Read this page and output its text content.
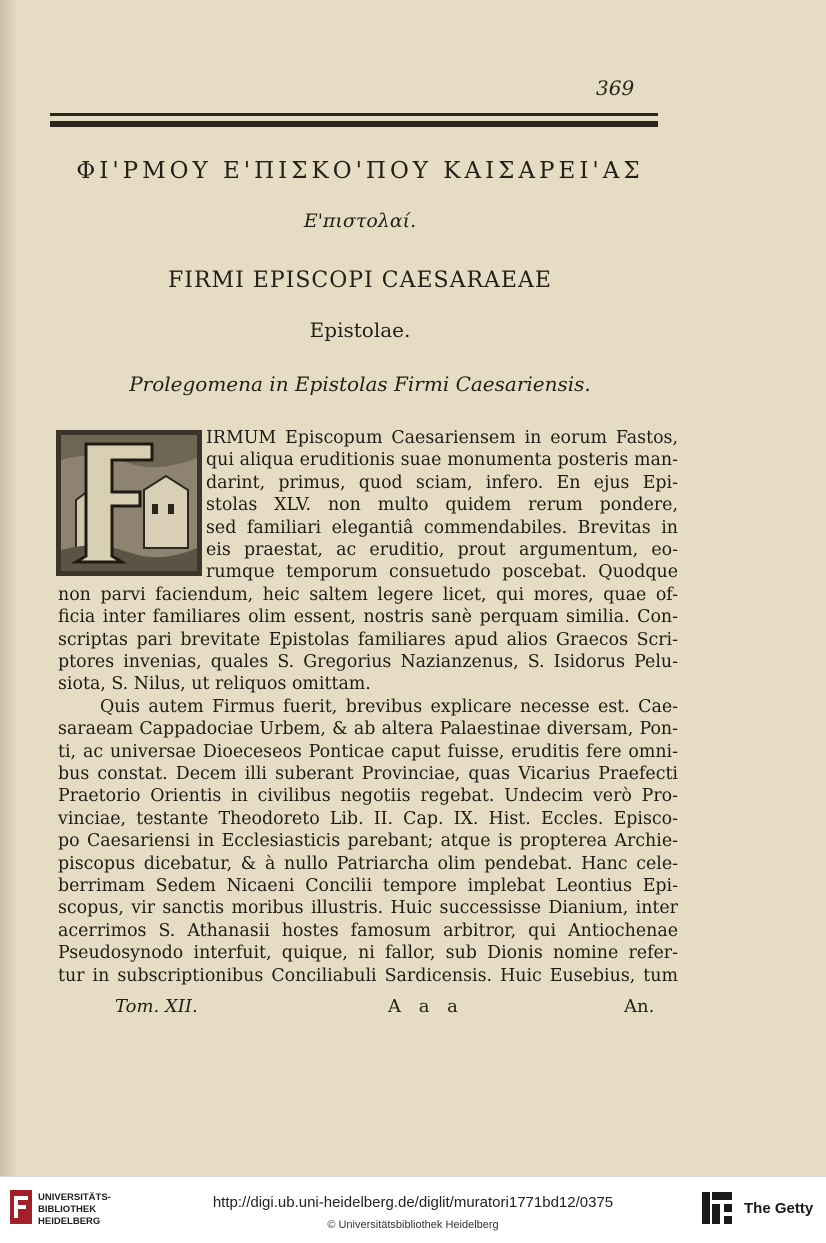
369
ΦΙ'ΡΜΟΥ Ε'ΠΙΣΚΟ'ΠΟΥ ΚΑΙΣΑΡΕΙ'ΑΣ
Ε'πιστολαί.
FIRMI EPISCOPI CAESARAEAE
Epistolae.
Prolegomena in Epistolas Firmi Caesariensis.
IRMUM Episcopum Caesariensem in eorum Fastos,
qui aliqua eruditionis suae monumenta posteris man-
darint, primus, quod sciam, infero. En ejus Epi-
stolas XLV. non multo quidem rerum pondere,
sed familiari elegantiâ commendabiles. Brevitas in
eis praestat, ac eruditio, prout argumentum, eo-
rumque temporum consuetudo poscebat. Quodque
non parvi faciendum, heic saltem legere licet, qui mores, quae of-
ficia inter familiares olim essent, nostris sanè perquam similia. Con-
scriptas pari brevitate Epistolas familiares apud alios Graecos Scri-
ptores invenias, quales S. Gregorius Nazianzenus, S. Isidorus Pelu-
siota, S. Nilus, ut reliquos omittam.
Quis autem Firmus fuerit, brevibus explicare necesse est. Cae-
saraeam Cappadociae Urbem, & ab altera Palaestinae diversam, Pon-
ti, ac universae Dioeceseos Ponticae caput fuisse, eruditis fere omni-
bus constat. Decem illi suberant Provinciae, quas Vicarius Praefecti
Praetorio Orientis in civilibus negotiis regebat. Undecim verò Pro-
vinciae, testante Theodoreto Lib. II. Cap. IX. Hist. Eccles. Episco-
po Caesariensi in Ecclesiasticis parebant; atque is propterea Archie-
piscopus dicebatur, & à nullo Patriarcha olim pendebat. Hanc cele-
berrimam Sedem Nicaeni Concilii tempore implebat Leontius Epi-
scopus, vir sanctis moribus illustris. Huic successisse Dianium, inter
acerrimos S. Athanasii hostes famosum arbitror, qui Antiochenae
Pseudosynodo interfuit, quique, ni fallor, sub Dionis nomine refer-
tur in subscriptionibus Conciliabuli Sardicensis. Huic Eusebius, tum
Tom. XII.	A a a	An.
UNIVERSITÄTS-
BIBLIOTHEK
HEIDELBERG
http://digi.ub.uni-heidelberg.de/diglit/muratori1771bd12/0375
© Universitätsbibliothek Heidelberg
The Getty
